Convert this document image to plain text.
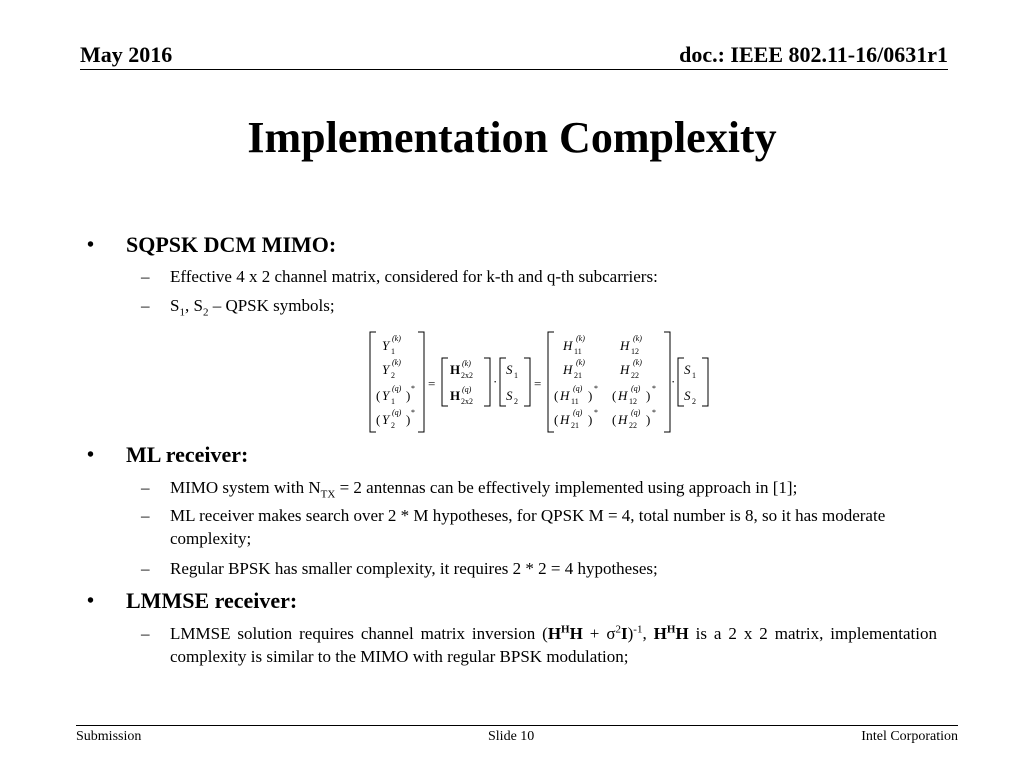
May 2016	doc.: IEEE 802.11-16/0631r1
Implementation Complexity
• SQPSK DCM MIMO:
– Effective 4 x 2 channel matrix, considered for k-th and q-th subcarriers:
– $S_1$, $S_2$ – QPSK symbols;
Y 1
(k)
Y 2
(k)
( Y 1
(q) ) *
( Y 2
(q) ) *
=
H (k)
2x2
H (q)
2x2
·
S 1
S 2
=
H 11
(k)	H 12
(k)
H 21
(k)	H 22
(k)
( H 11
(q) ) * ( H 12
(q) ) *
( H 21
(q) ) * ( H 22
(q) ) *
·
S 1
S 2
• ML receiver:
– MIMO system with $N_{TX} = 2$ antennas can be effectively implemented using approach in [1];
– ML receiver makes search over 2 * M hypotheses, for QPSK M = 4, total number is 8, so it has moderate complexity;
– Regular BPSK has smaller complexity, it requires 2 * 2 = 4 hypotheses;
• LMMSE receiver:
– LMMSE solution requires channel matrix inversion $(H^HH + \sigma^2I)^{-1}$, $H^HH$ is a 2 x 2 matrix, implementation complexity is similar to the MIMO with regular BPSK modulation;
Submission	Slide 10	Intel Corporation
